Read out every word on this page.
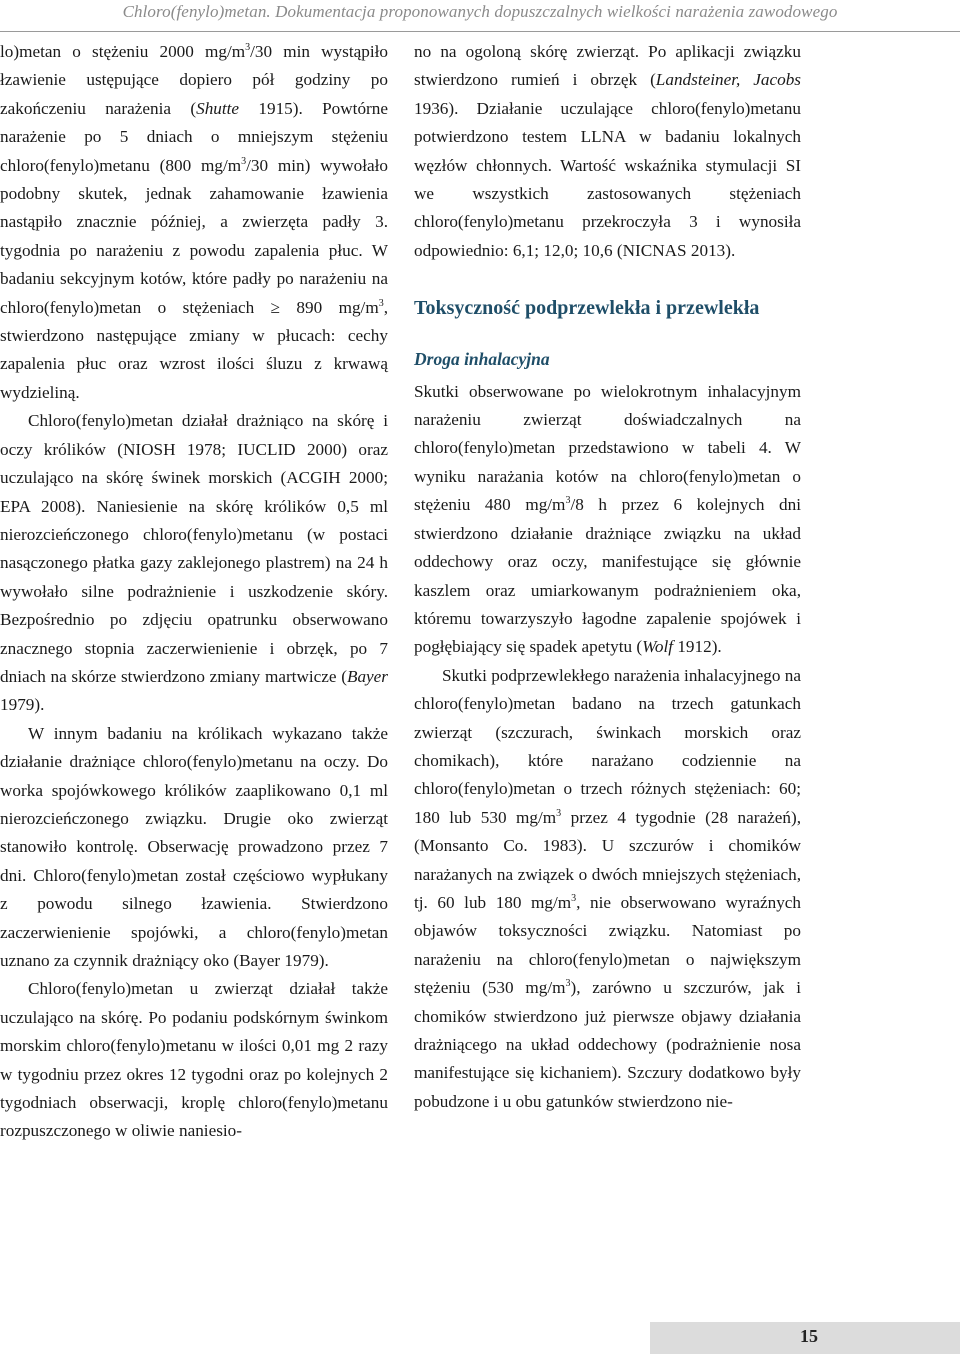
Chloro(fenylo)metan. Dokumentacja proponowanych dopuszczalnych wielkości narażenia zawodowego

lo)metan o stężeniu 2000 $mg/m^3/30$ min wystąpiło łzawienie ustępujące dopiero pół godziny po zakończeniu narażenia (Shutte 1915). Powtórne narażenie po 5 dniach o mniejszym stężeniu chloro(fenylo)metanu (800 $mg/m^3/30$ min) wywołało podobny skutek, jednak zahamowanie łzawienia nastąpiło znacznie później, a zwierzęta padły 3. tygodnia po narażeniu z powodu zapalenia płuc. W badaniu sekcyjnym kotów, które padły po narażeniu na chloro(fenylo)metan o stężeniach ≥ 890 $mg/m^3$, stwierdzono następujące zmiany w płucach: cechy zapalenia płuc oraz wzrost ilości śluzu z krwawą wydzieliną.

Chloro(fenylo)metan działał drażniąco na skórę i oczy królików (NIOSH 1978; IUCLID 2000) oraz uczulająco na skórę świnek morskich (ACGIH 2000; EPA 2008). Naniesienie na skórę królików 0,5 ml nierozcieńczonego chloro(fenylo)metanu (w postaci nasączonego płatka gazy zaklejonego plastrem) na 24 h wywołało silne podrażnienie i uszkodzenie skóry. Bezpośrednio po zdjęciu opatrunku obserwowano znacznego stopnia zaczerwienienie i obrzęk, po 7 dniach na skórze stwierdzono zmiany martwicze (Bayer 1979).

W innym badaniu na królikach wykazano także działanie drażniące chloro(fenylo)metanu na oczy. Do worka spojówkowego królików zaaplikowano 0,1 ml nierozcieńczonego związku. Drugie oko zwierząt stanowiło kontrolę. Obserwację prowadzono przez 7 dni. Chloro(fenylo)metan został częściowo wypłukany z powodu silnego łzawienia. Stwierdzono zaczerwienienie spojówki, a chloro(fenylo)metan uznano za czynnik drażniący oko (Bayer 1979).

Chloro(fenylo)metan u zwierząt działał także uczulająco na skórę. Po podaniu podskórnym świnkom morskim chloro(fenylo)metanu w ilości 0,01 mg 2 razy w tygodniu przez okres 12 tygodni oraz po kolejnych 2 tygodniach obserwacji, kroplę chloro(fenylo)metanu rozpuszczonego w oliwie naniesio-

no na ogoloną skórę zwierząt. Po aplikacji związku stwierdzono rumień i obrzęk (Landsteiner, Jacobs 1936). Działanie uczulające chloro(fenylo)metanu potwierdzono testem LLNA w badaniu lokalnych węzłów chłonnych. Wartość wskaźnika stymulacji SI we wszystkich zastosowanych stężeniach chloro(fenylo)metanu przekroczyła 3 i wynosiła odpowiednio: 6,1; 12,0; 10,6 (NICNAS 2013).

Toksyczność podprzewlekła i przewlekła
Droga inhalacyjna

Skutki obserwowane po wielokrotnym inhalacyjnym narażeniu zwierząt doświadczalnych na chloro(fenylo)metan przedstawiono w tabeli 4. W wyniku narażania kotów na chloro(fenylo)metan o stężeniu 480 $mg/m^3/8$ h przez 6 kolejnych dni stwierdzono działanie drażniące związku na układ oddechowy oraz oczy, manifestujące się głównie kaszlem oraz umiarkowanym podrażnieniem oka, któremu towarzyszyło łagodne zapalenie spojówek i pogłębiający się spadek apetytu (Wolf 1912).

Skutki podprzewlekłego narażenia inhalacyjnego na chloro(fenylo)metan badano na trzech gatunkach zwierząt (szczurach, świnkach morskich oraz chomikach), które narażano codziennie na chloro(fenylo)metan o trzech różnych stężeniach: 60; 180 lub 530 $mg/m^3$ przez 4 tygodnie (28 narażeń), (Monsanto Co. 1983). U szczurów i chomików narażanych na związek o dwóch mniejszych stężeniach, tj. 60 lub 180 $mg/m^3$, nie obserwowano wyraźnych objawów toksyczności związku. Natomiast po narażeniu na chloro(fenylo)metan o największym stężeniu (530 $mg/m^3$), zarówno u szczurów, jak i chomików stwierdzono już pierwsze objawy działania drażniącego na układ oddechowy (podrażnienie nosa manifestujące się kichaniem). Szczury dodatkowo były pobudzone i u obu gatunków stwierdzono nie-

15
